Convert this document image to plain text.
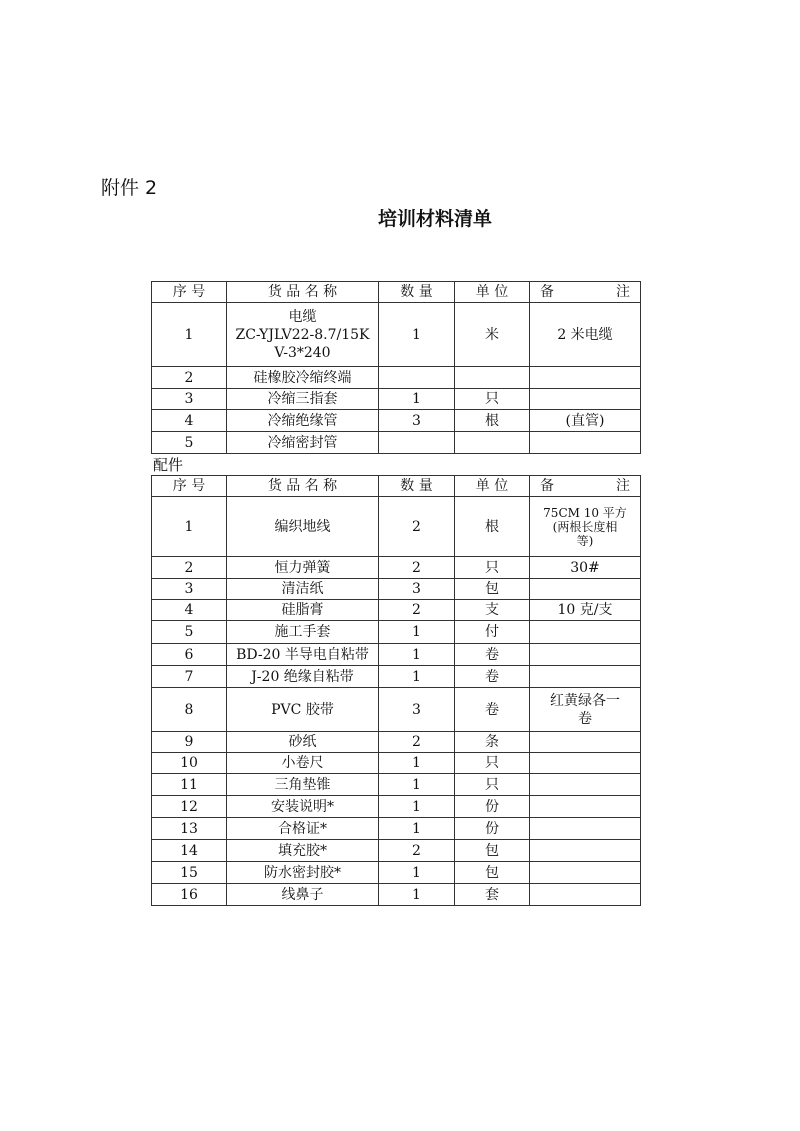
附件 2
培训材料清单
序 号	货 品 名 称	数 量	单 位	备 注

1	电缆
ZC-YJLV22-8.7/15K
V-3*240	1	米	2 米电缆
2	硅橡胶冷缩终端			
3	冷缩三指套	1	只	
4	冷缩绝缘管	3	根	(直管)
5	冷缩密封管			
配件
序 号	货 品 名 称	数 量	单 位	备 注

1	编织地线	2	根	75CM 10 平方
(两根长度相
等)
2	恒力弹簧	2	只	30#
3	清洁纸	3	包	
4	硅脂膏	2	支	10 克/支
5	施工手套	1	付	
6	BD-20 半导电自粘带	1	卷	
7	J-20 绝缘自粘带	1	卷	
8	PVC 胶带	3	卷	红黄绿各一
卷
9	砂纸	2	条	
10	小卷尺	1	只	
11	三角垫锥	1	只	
12	安装说明*	1	份	
13	合格证*	1	份	
14	填充胶*	2	包	
15	防水密封胶*	1	包	
16	线鼻子	1	套	
